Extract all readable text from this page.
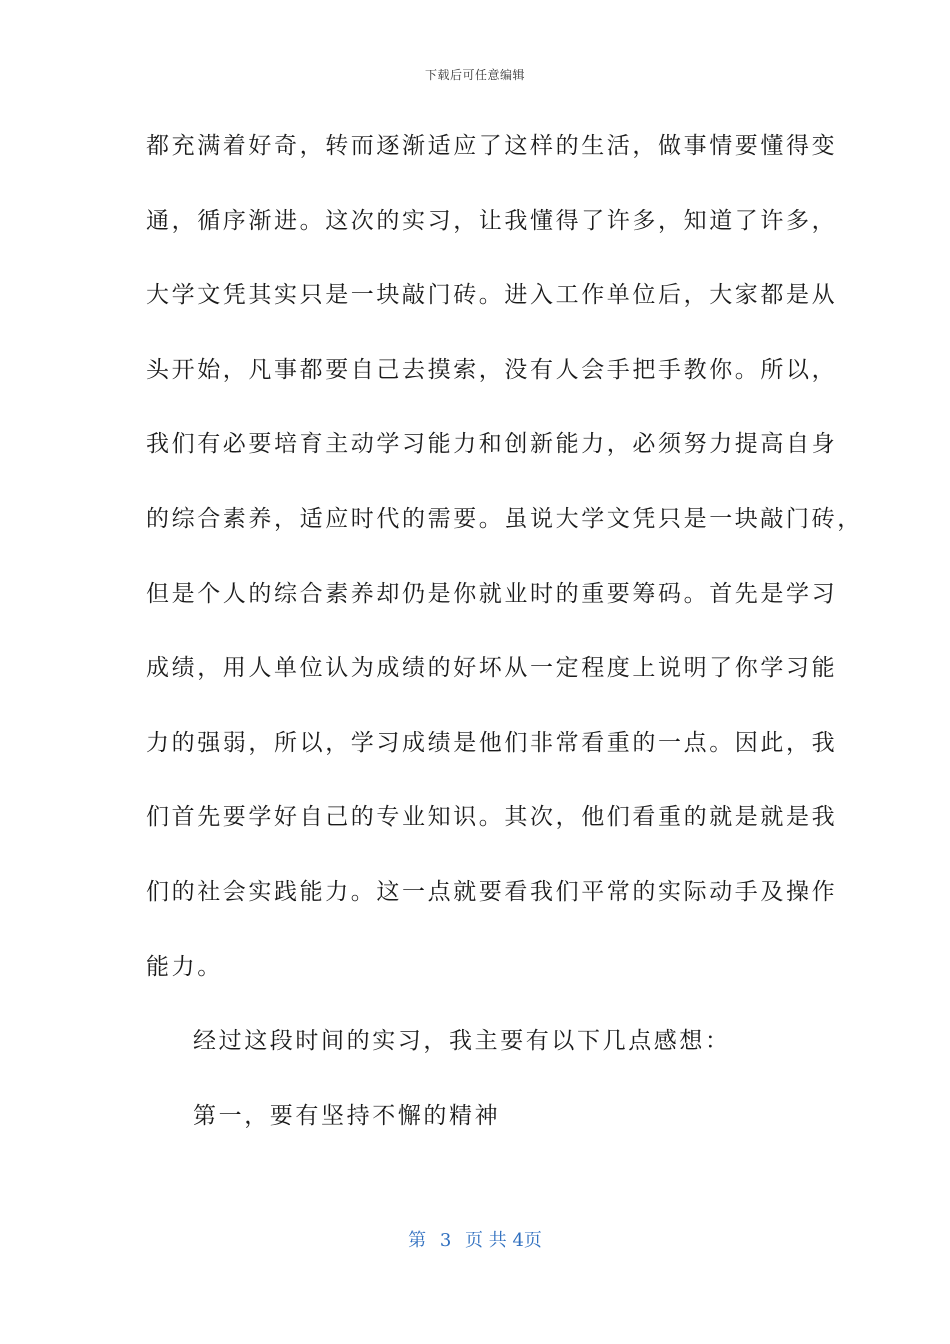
下载后可任意编辑
都充满着好奇，转而逐渐适应了这样的生活，做事情要懂得变
通，循序渐进。这次的实习，让我懂得了许多，知道了许多，
大学文凭其实只是一块敲门砖。进入工作单位后，大家都是从
头开始，凡事都要自己去摸索，没有人会手把手教你。所以，
我们有必要培育主动学习能力和创新能力，必须努力提高自身
的综合素养，适应时代的需要。虽说大学文凭只是一块敲门砖，
但是个人的综合素养却仍是你就业时的重要筹码。首先是学习
成绩，用人单位认为成绩的好坏从一定程度上说明了你学习能
力的强弱，所以，学习成绩是他们非常看重的一点。因此，我
们首先要学好自己的专业知识。其次，他们看重的就是就是我
们的社会实践能力。这一点就要看我们平常的实际动手及操作
能力。
经过这段时间的实习，我主要有以下几点感想：
第一，要有坚持不懈的精神
第 3 页 共 4页
